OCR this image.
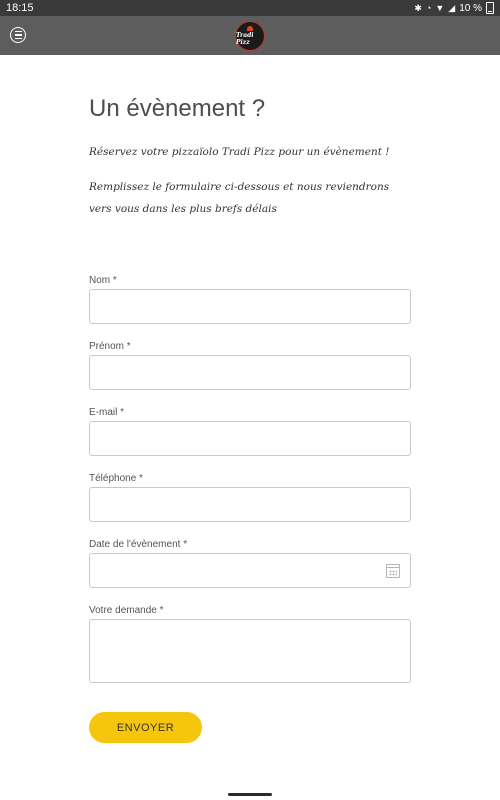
18:15	✱ ◔ ▼ ◢ 10 %
Tradi Pizz
Un évènement ?

Réservez votre pizzaïolo Tradi Pizz pour un évènement !

Remplissez le formulaire ci-dessous et nous reviendrons vers vous dans les plus brefs délais

Nom *
Prénom *
E-mail *
Téléphone *
Date de l'évènement *
Votre demande *
ENVOYER
